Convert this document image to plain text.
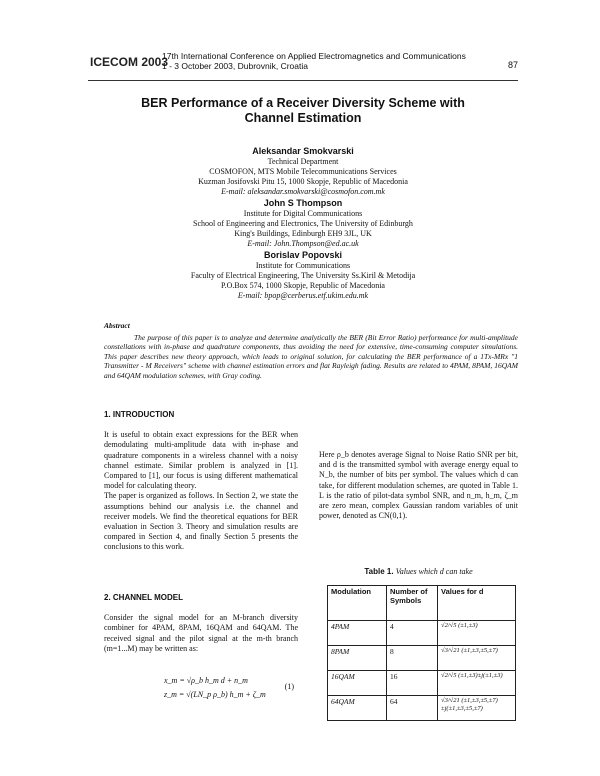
ICECOM 2003
17th International Conference on Applied Electromagnetics and Communications
1 - 3 October 2003, Dubrovnik, Croatia	87
BER Performance of a Receiver Diversity Scheme with
Channel Estimation
Aleksandar Smokvarski
Technical Department
COSMOFON, MTS Mobile Telecommunications Services
Kuzman Josifovski Pitu 15, 1000 Skopje, Republic of Macedonia
E-mail: aleksandar.smokvarski@cosmofon.com.mk
John S Thompson
Institute for Digital Communications
School of Engineering and Electronics, The University of Edinburgh
King's Buildings, Edinburgh EH9 3JL, UK
E-mail: John.Thompson@ed.ac.uk
Borislav Popovski
Institute for Communications
Faculty of Electrical Engineering, The University Ss.Kiril & Metodija
P.O.Box 574, 1000 Skopje, Republic of Macedonia
E-mail: bpop@cerberus.etf.ukim.edu.mk
Abstract
The purpose of this paper is to analyze and determine analytically the BER (Bit Error Ratio) performance for multi-amplitude constellations with in-phase and quadrature components, thus avoiding the need for extensive, time-consuming computer simulations. This paper describes new theory approach, which leads to original solution, for calculating the BER performance of a 1Tx-MRx "1 Transmitter - M Receivers" scheme with channel estimation errors and flat Rayleigh fading. Results are related to 4PAM, 8PAM, 16QAM and 64QAM modulation schemes, with Gray coding.

1. INTRODUCTION

It is useful to obtain exact expressions for the BER when demodulating multi-amplitude data with in-phase and quadrature components in a wireless channel with a noisy channel estimate. Similar problem is analyzed in [1]. Compared to [1], our focus is using different mathematical model for calculating theory.

The paper is organized as follows. In Section 2, we state the assumptions behind our analysis i.e. the channel and receiver models. We find the theoretical equations for BER evaluation in Section 3. Theory and simulation results are compared in Section 4, and finally Section 5 presents the conclusions to this work.

2. CHANNEL MODEL

Consider the signal model for an M-branch diversity combiner for 4PAM, 8PAM, 16QAM and 64QAM. The received signal and the pilot signal at the m-th branch (m=1...M) may be written as:

x_m = √ρ_b h_m d + n_m
z_m = √(LN_p ρ_b) h_m + ζ_m
(1)

Here ρ_b denotes average Signal to Noise Ratio SNR per bit, and d is the transmitted symbol with average energy equal to N_b, the number of bits per symbol. The values which d can take, for different modulation schemes, are quoted in Table 1. L is the ratio of pilot-data symbol SNR, and n_m, h_m, ζ_m are zero mean, complex Gaussian random variables of unit power, denoted as CN(0,1).

Table 1. Values which d can take
Modulation	Number of Symbols	Values for d
4PAM	4	√2/√5 (±1,±3)
8PAM	8	√3/√21 (±1,±3,±5,±7)
16QAM	16	√2/√5 (±1,±3)±j(±1,±3)
64QAM	64	√3/√21 (±1,±3,±5,±7)±j(±1,±3,±5,±7)
